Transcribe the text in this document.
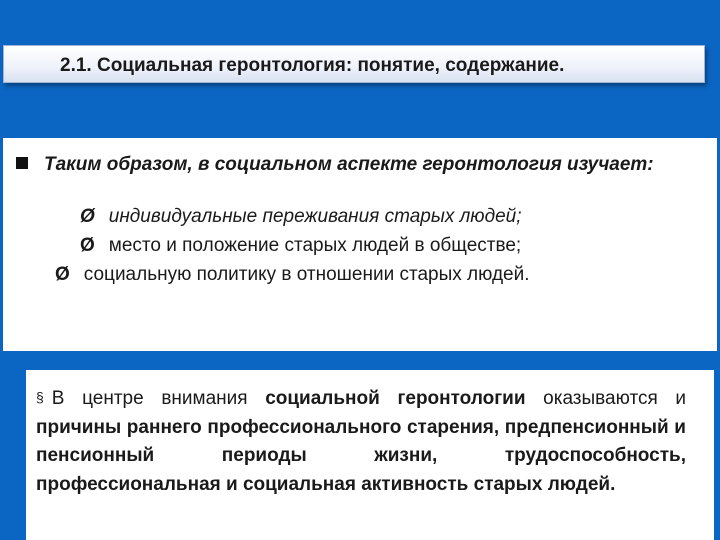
2.1. Социальная геронтология: понятие, содержание.
Таким образом, в социальном аспекте геронтология изучает:
Ø индивидуальные переживания старых людей;
Ø место и положение старых людей в обществе;
Ø социальную политику в отношении старых людей.
§ В центре внимания социальной геронтологии оказываются и причины раннего профессионального старения, предпенсионный и пенсионный периоды жизни, трудоспособность, профессиональная и социальная активность старых людей.
